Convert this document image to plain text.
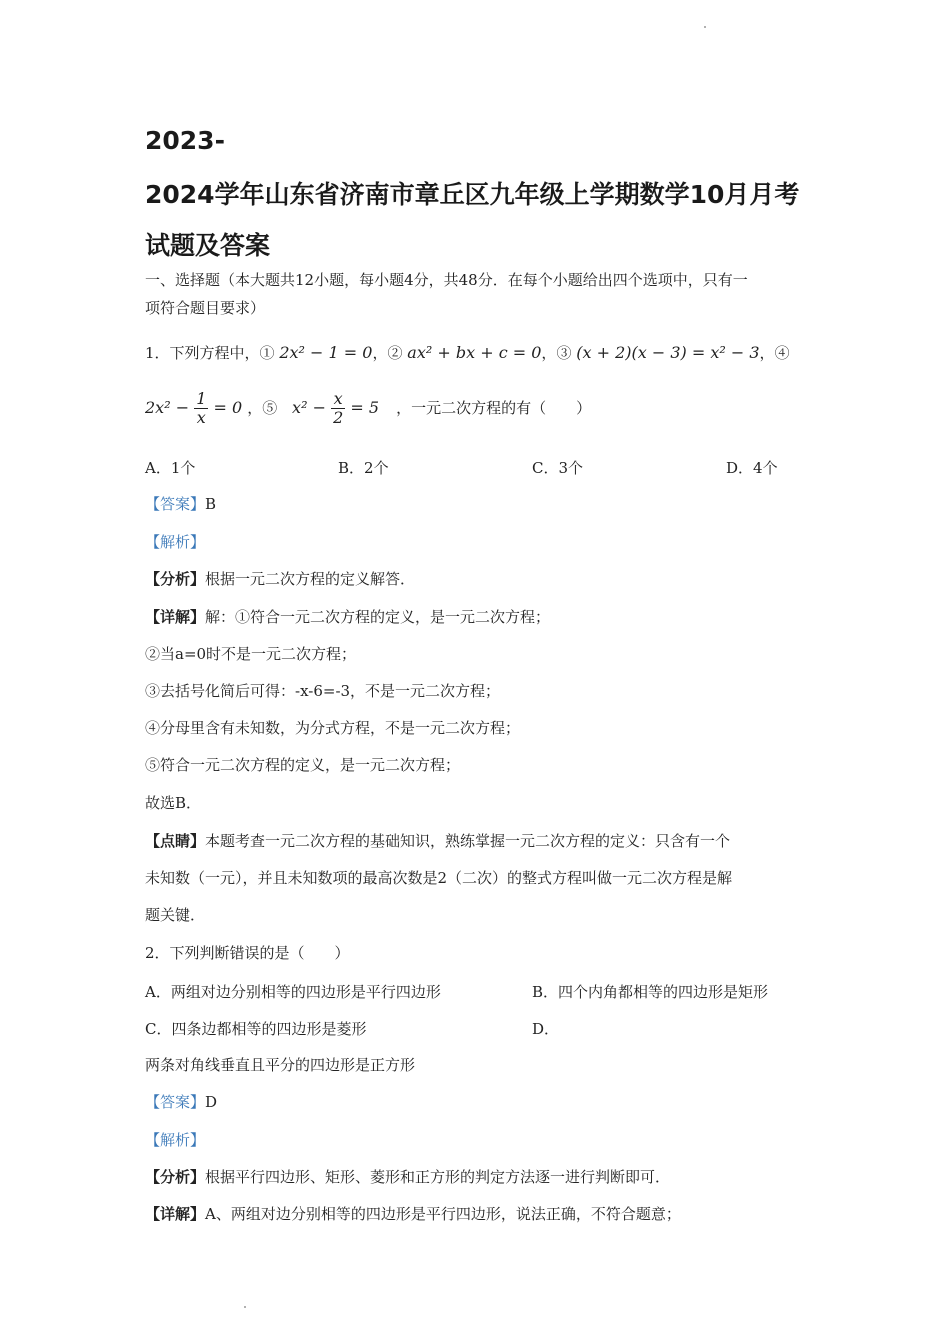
2023-
2024学年山东省济南市章丘区九年级上学期数学10月月考
试题及答案
一、选择题（本大题共12小题，每小题4分，共48分．在每个小题给出四个选项中，只有一
项符合题目要求）
1．下列方程中，① 2x² − 1 = 0，② ax² + bx + c = 0，③ (x + 2)(x − 3) = x² − 3，④
$2x^2 - \frac{1}{x} = 0$ ，⑤ $x^2 - \frac{x}{2} = 5$ ，一元二次方程的有（　　）
A．1个	B．2个	C．3个	D．4个
【答案】B
【解析】
【分析】根据一元二次方程的定义解答．
【详解】解：①符合一元二次方程的定义，是一元二次方程；
②当a=0时不是一元二次方程；
③去括号化简后可得：-x-6=-3，不是一元二次方程；
④分母里含有未知数，为分式方程，不是一元二次方程；
⑤符合一元二次方程的定义，是一元二次方程；
故选B．
【点睛】本题考查一元二次方程的基础知识，熟练掌握一元二次方程的定义：只含有一个
未知数（一元），并且未知数项的最高次数是2（二次）的整式方程叫做一元二次方程是解
题关键．
2．下列判断错误的是（　　）
A．两组对边分别相等的四边形是平行四边形	B．四个内角都相等的四边形是矩形
C．四条边都相等的四边形是菱形	D．
两条对角线垂直且平分的四边形是正方形
【答案】D
【解析】
【分析】根据平行四边形、矩形、菱形和正方形的判定方法逐一进行判断即可．
【详解】A、两组对边分别相等的四边形是平行四边形，说法正确，不符合题意；
